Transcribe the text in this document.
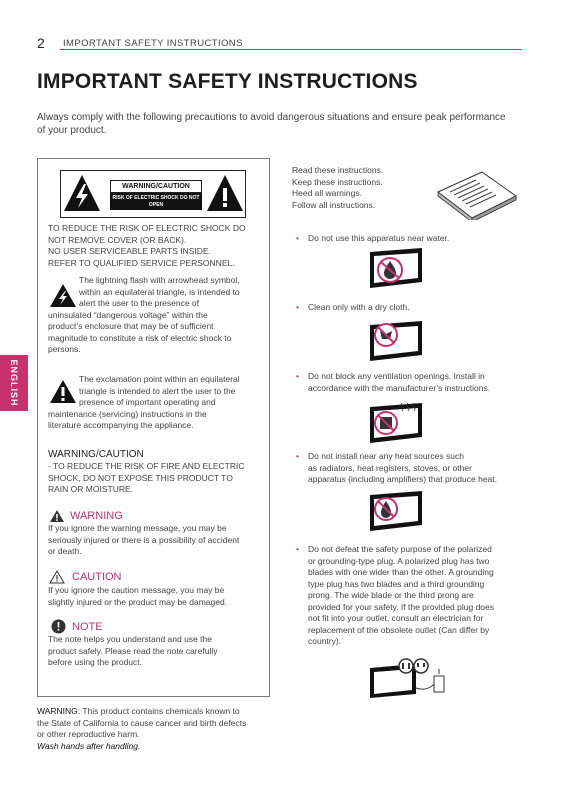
2 IMPORTANT SAFETY INSTRUCTIONS
IMPORTANT SAFETY INSTRUCTIONS
Always comply with the following precautions to avoid dangerous situations and ensure peak performance of your product.
ENGLISH
WARNING/CAUTION
RISK OF ELECTRIC SHOCK DO NOT OPEN
TO REDUCE THE RISK OF ELECTRIC SHOCK DO
NOT REMOVE COVER (OR BACK).
NO USER SERVICEABLE PARTS INSIDE.
REFER TO QUALIFIED SERVICE PERSONNEL.
The lightning flash with arrowhead symbol,
within an equilateral triangle, is intended to
alert the user to the presence of
uninsulated “dangerous voltage” within the
product’s enclosure that may be of sufficient
magnitude to constitute a risk of electric shock to
persons.
The exclamation point within an equilateral
triangle is intended to alert the user to the
presence of important operating and
maintenance (servicing) instructions in the
literature accompanying the appliance.
WARNING/CAUTION
- TO REDUCE THE RISK OF FIRE AND ELECTRIC
SHOCK, DO NOT EXPOSE THIS PRODUCT TO
RAIN OR MOISTURE.
WARNING
If you ignore the warning message, you may be
seriously injured or there is a possibility of accident
or death.
CAUTION
If you ignore the caution message, you may be
slightly injured or the product may be damaged.
NOTE
The note helps you understand and use the
product safely. Please read the note carefully
before using the product.
WARNING: This product contains chemicals known to
the State of California to cause cancer and birth defects
or other reproductive harm.
Wash hands after handling.
Read these instructions.
Keep these instructions.
Heed all warnings.
Follow all instructions.
• Do not use this apparatus near water.
• Clean only with a dry cloth.
• Do not block any ventilation openings. Install in
accordance with the manufacturer’s instructions.
• Do not install near any heat sources such
as radiators, heat registers, stoves, or other
apparatus (including amplifiers) that produce heat.
• Do not defeat the safety purpose of the polarized
or grounding-type plug. A polarized plug has two
blades with one wider than the other. A grounding
type plug has two blades and a third grounding
prong. The wide blade or the third prong are
provided for your safety. If the provided plug does
not fit into your outlet, consult an electrician for
replacement of the obsolete outlet (Can differ by
country).
